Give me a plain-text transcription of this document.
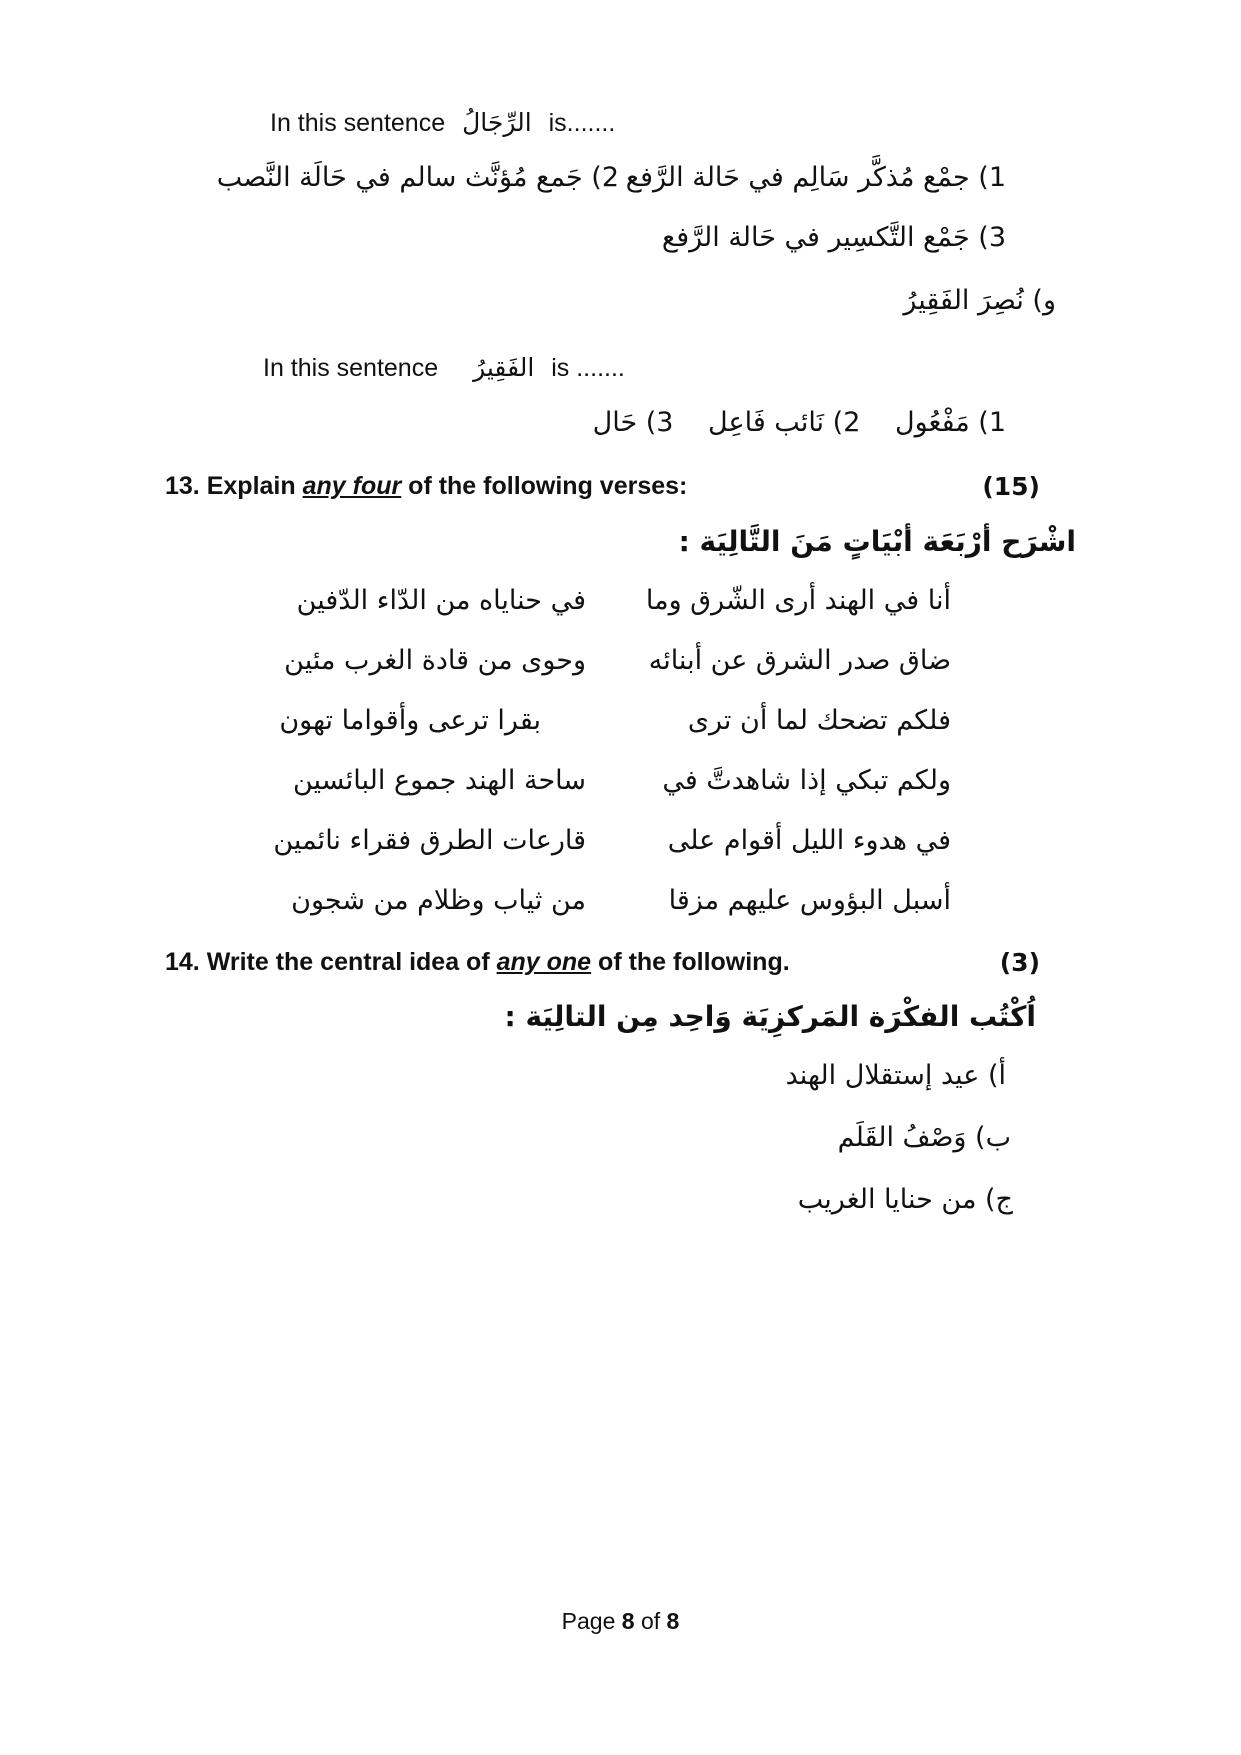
In this sentence الرِّجَالُ is.......
1) جمْع مُذكَّر سَالِم في حَالة الرَّفع
2) جَمع مُؤنَّث سالم في حَالَة النَّصب
3) جَمْع التَّكسِير في حَالة الرَّفع
و) نُصِرَ الفَقِيرُ
In this sentence الفَقِيرُ is .......
1) مَفْعُول 2) نَائب فَاعِل 3) حَال
13. Explain any four of the following verses:	(15)
اشْرَح أرْبَعَة أبْيَاتٍ مَنَ التَّالِيَة :
أنا في الهند أرى الشّرق وما
في حناياه من الدّاء الدّفين
ضاق صدر الشرق عن أبنائه
وحوى من قادة الغرب مئين
فلكم تضحك لما أن ترى
بقرا ترعى وأقواما تهون
ولكم تبكي إذا شاهدتَّ في
ساحة الهند جموع البائسين
في هدوء الليل أقوام على
قارعات الطرق فقراء نائمين
أسبل البؤوس عليهم مزقا
من ثياب وظلام من شجون
14. Write the central idea of any one of the following.	(3)
اُكْتُب الفكْرَة المَركزِيَة وَاحِد مِن التالِيَة :
أ) عيد إستقلال الهند
ب) وَصْفُ القَلَم
ج) من حنايا الغريب
Page 8 of 8
